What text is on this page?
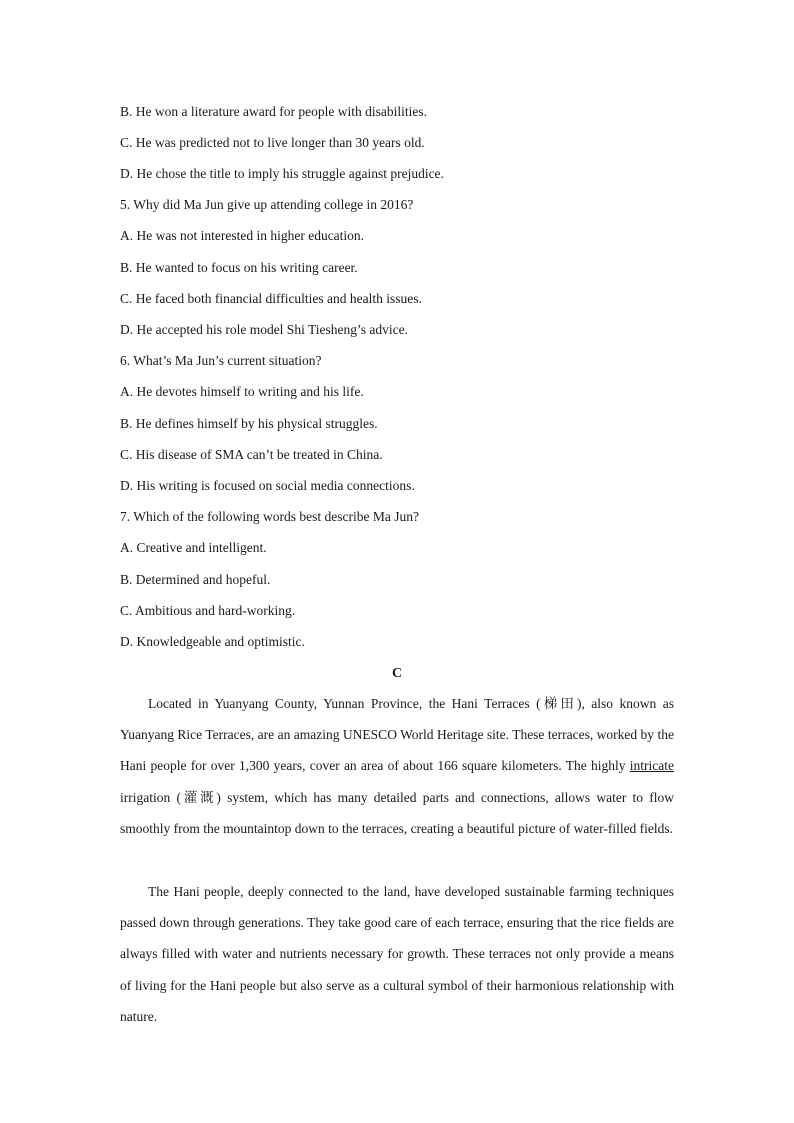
B. He won a literature award for people with disabilities.
C. He was predicted not to live longer than 30 years old.
D. He chose the title to imply his struggle against prejudice.
5. Why did Ma Jun give up attending college in 2016?
A. He was not interested in higher education.
B. He wanted to focus on his writing career.
C. He faced both financial difficulties and health issues.
D. He accepted his role model Shi Tiesheng’s advice.
6. What’s Ma Jun’s current situation?
A. He devotes himself to writing and his life.
B. He defines himself by his physical struggles.
C. His disease of SMA can’t be treated in China.
D. His writing is focused on social media connections.
7. Which of the following words best describe Ma Jun?
A. Creative and intelligent.
B. Determined and hopeful.
C. Ambitious and hard-working.
D. Knowledgeable and optimistic.
C
Located in Yuanyang County, Yunnan Province, the Hani Terraces (梯田), also known as Yuanyang Rice Terraces, are an amazing UNESCO World Heritage site. These terraces, worked by the Hani people for over 1,300 years, cover an area of about 166 square kilometers. The highly intricate irrigation (灌溉) system, which has many detailed parts and connections, allows water to flow smoothly from the mountaintop down to the terraces, creating a beautiful picture of water-filled fields.
The Hani people, deeply connected to the land, have developed sustainable farming techniques passed down through generations. They take good care of each terrace, ensuring that the rice fields are always filled with water and nutrients necessary for growth. These terraces not only provide a means of living for the Hani people but also serve as a cultural symbol of their harmonious relationship with nature.
